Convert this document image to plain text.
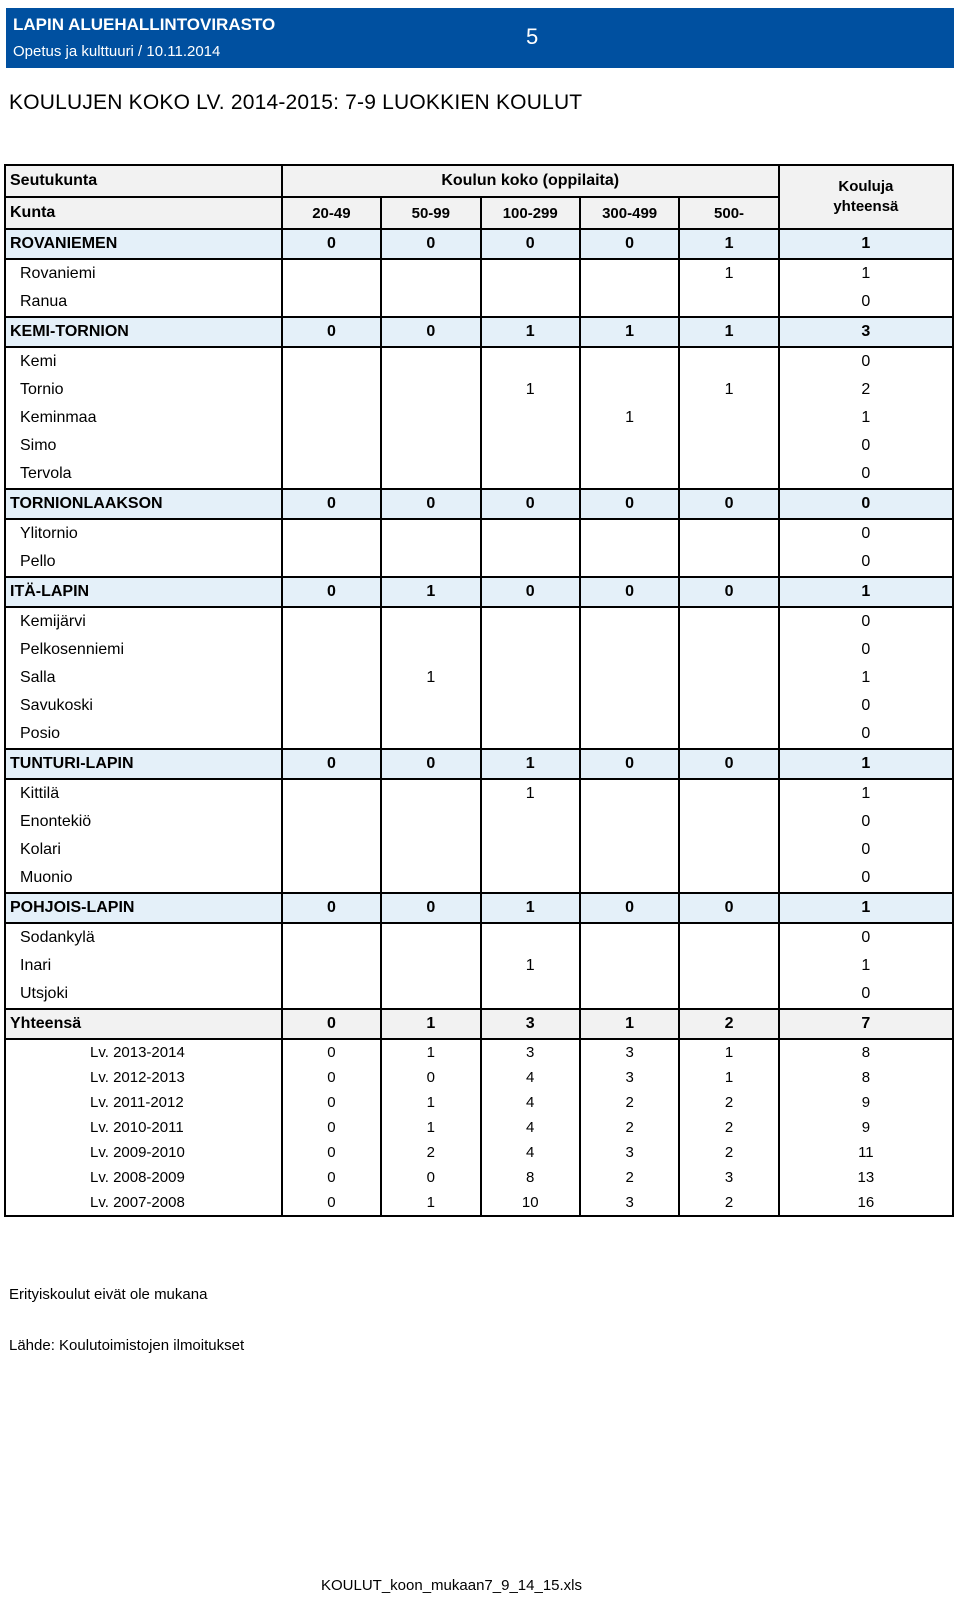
LAPIN ALUEHALLINTOVIRASTO
Opetus ja kulttuuri / 10.11.2014
5
KOULUJEN KOKO LV. 2014-2015: 7-9 LUOKKIEN KOULUT
Seutukunta	Koulun koko (oppilaita)					Kouluja
yhteensä

Kunta	20-49	50-99	100-299	300-499	500-	
ROVANIEMEN	0	0	0	0	1	1
Rovaniemi					1	1
Ranua						0
KEMI-TORNION	0	0	1	1	1	3
Kemi						0
Tornio			1		1	2
Keminmaa				1		1
Simo						0
Tervola						0
TORNIONLAAKSON	0	0	0	0	0	0
Ylitornio						0
Pello						0
ITÄ-LAPIN	0	1	0	0	0	1
Kemijärvi						0
Pelkosenniemi						0
Salla		1				1
Savukoski						0
Posio						0
TUNTURI-LAPIN	0	0	1	0	0	1
Kittilä			1			1
Enontekiö						0
Kolari						0
Muonio						0
POHJOIS-LAPIN	0	0	1	0	0	1
Sodankylä						0
Inari			1			1
Utsjoki						0
Yhteensä	0	1	3	1	2	7
Lv. 2013-2014	0	1	3	3	1	8
Lv. 2012-2013	0	0	4	3	1	8
Lv. 2011-2012	0	1	4	2	2	9
Lv. 2010-2011	0	1	4	2	2	9
Lv. 2009-2010	0	2	4	3	2	11
Lv. 2008-2009	0	0	8	2	3	13
Lv. 2007-2008	0	1	10	3	2	16
Erityiskoulut eivät ole mukana
Lähde: Koulutoimistojen ilmoitukset
KOULUT_koon_mukaan7_9_14_15.xls
